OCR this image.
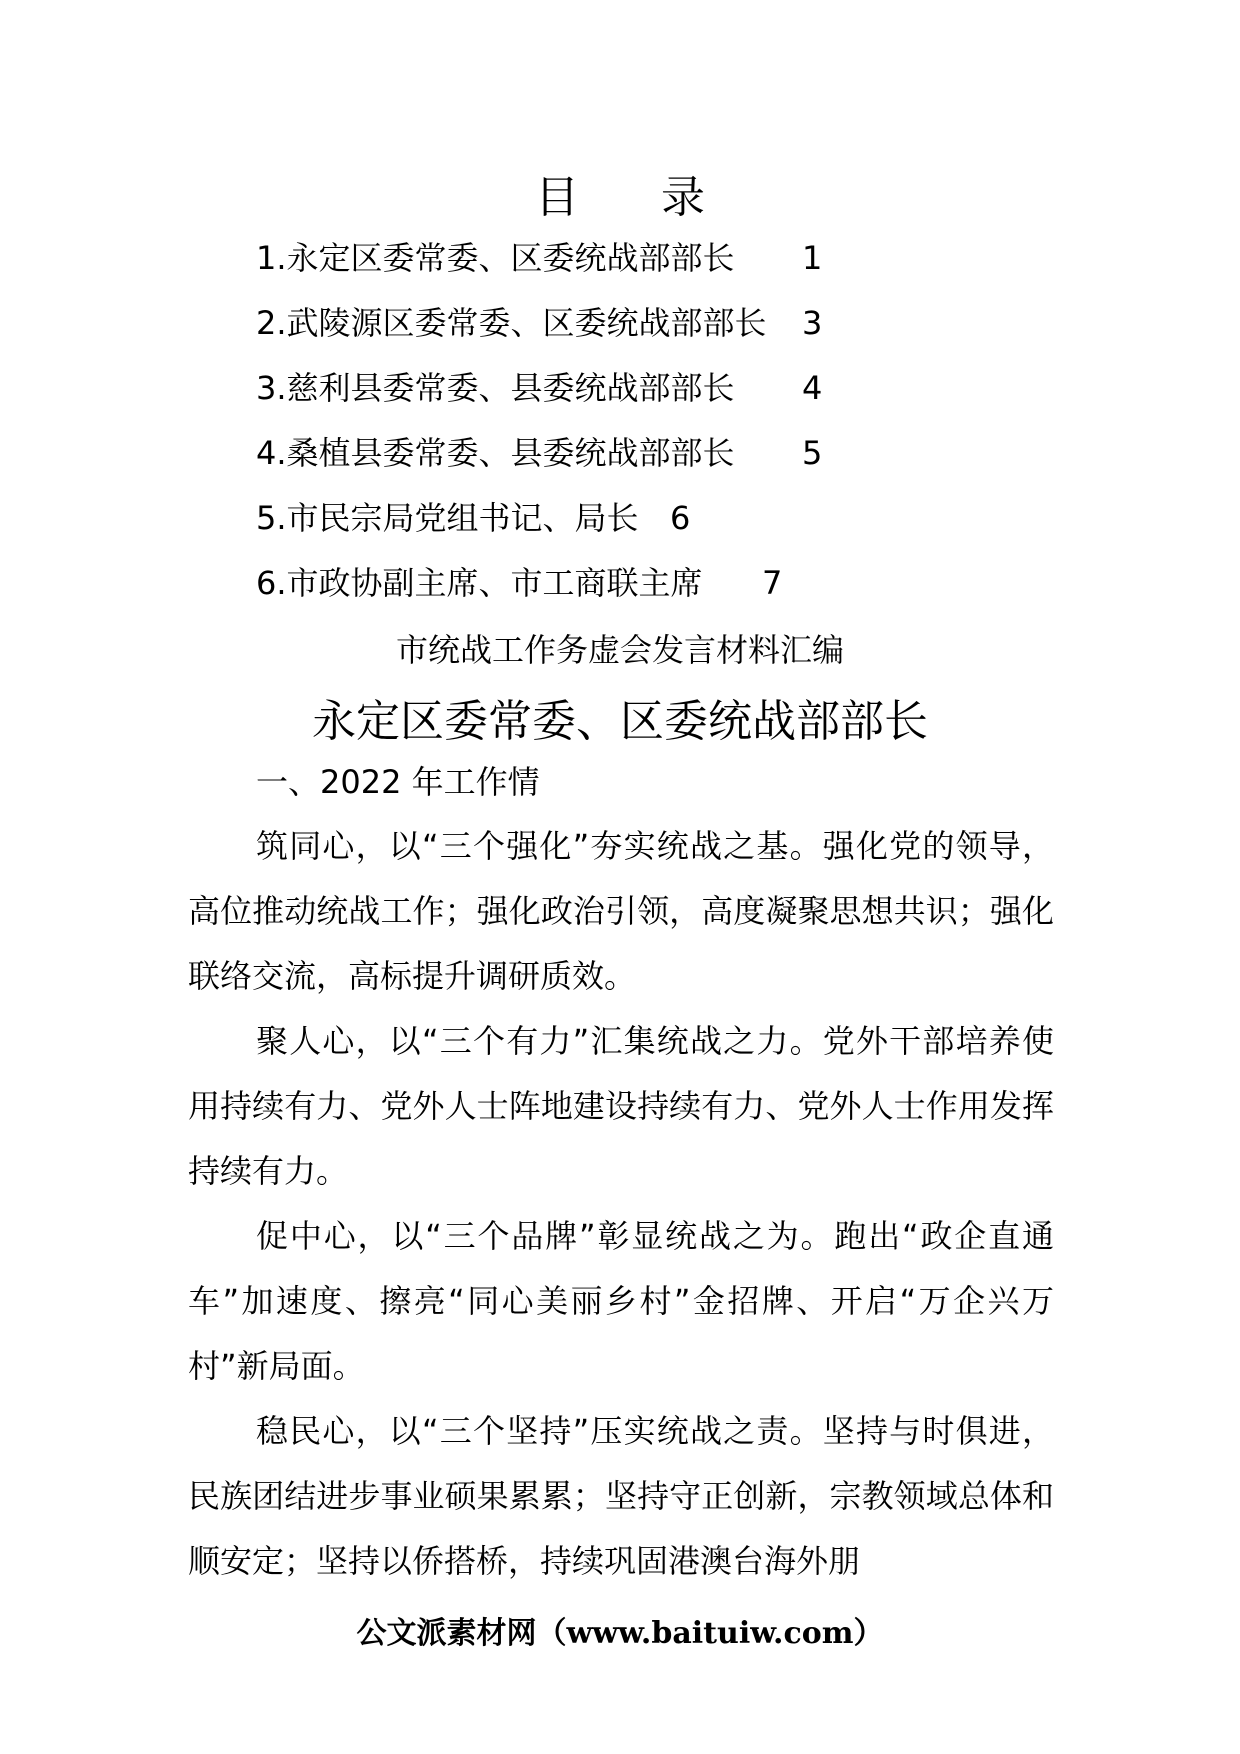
目 录
1.永定区委常委、区委统战部部长 1
2.武陵源区委常委、区委统战部部长 3
3.慈利县委常委、县委统战部部长 4
4.桑植县委常委、县委统战部部长 5
5.市民宗局党组书记、局长 6
6.市政协副主席、市工商联主席 7
市统战工作务虚会发言材料汇编
永定区委常委、区委统战部部长
一、2022 年工作情

筑同心，以“三个强化”夯实统战之基。强化党的领导，高位推动统战工作；强化政治引领，高度凝聚思想共识；强化联络交流，高标提升调研质效。

聚人心，以“三个有力”汇集统战之力。党外干部培养使用持续有力、党外人士阵地建设持续有力、党外人士作用发挥持续有力。

促中心，以“三个品牌”彰显统战之为。跑出“政企直通车”加速度、擦亮“同心美丽乡村”金招牌、开启“万企兴万村”新局面。

稳民心，以“三个坚持”压实统战之责。坚持与时俱进，民族团结进步事业硕果累累；坚持守正创新，宗教领域总体和顺安定；坚持以侨搭桥，持续巩固港澳台海外朋

公文派素材网（www.baituiw.com）
